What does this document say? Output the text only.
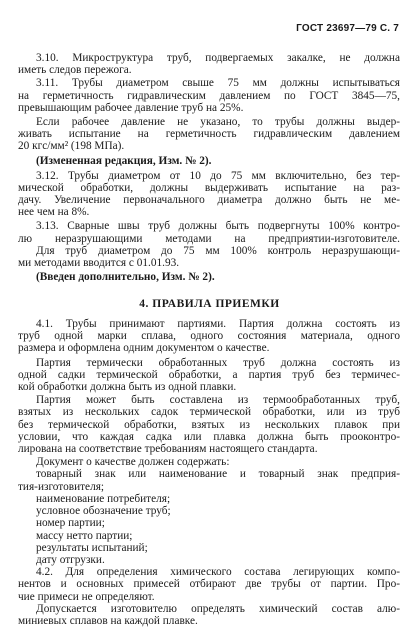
ГОСТ 23697—79 С. 7
3.10. Микроструктура труб, подвергаемых закалке, не должна
иметь следов пережога.
3.11. Трубы диаметром свыше 75 мм должны испытываться
на герметичность гидравлическим давлением по ГОСТ 3845—75,
превышающим рабочее давление труб на 25%.
Если рабочее давление не указано, то трубы должны выдер-
живать испытание на герметичность гидравлическим давлением
20 кгс/мм² (198 МПа).
(Измененная редакция, Изм. № 2).
3.12. Трубы диаметром от 10 до 75 мм включительно, без тер-
мической обработки, должны выдерживать испытание на раз-
дачу. Увеличение первоначального диаметра должно быть не ме-
нее чем на 8%.
3.13. Сварные швы труб должны быть подвергнуты 100% контро-
лю неразрушающими методами на предприятии-изготовителе.
Для труб диаметром до 75 мм 100% контроль неразрушающи-
ми методами вводится с 01.01.93.
(Введен дополнительно, Изм. № 2).
4. ПРАВИЛА ПРИЕМКИ
4.1. Трубы принимают партиями. Партия должна состоять из
труб одной марки сплава, одного состояния материала, одного
размера и оформлена одним документом о качестве.
Партия термически обработанных труб должна состоять из
одной садки термической обработки, а партия труб без термичес-
кой обработки должна быть из одной плавки.
Партия может быть составлена из термообработанных труб,
взятых из нескольких садок термической обработки, или из труб
без термической обработки, взятых из нескольких плавок при
условии, что каждая садка или плавка должна быть прооконтро-
лирована на соответствие требованиям настоящего стандарта.
Документ о качестве должен содержать:
товарный знак или наименование и товарный знак предприя-
тия-изготовителя;
наименование потребителя;
условное обозначение труб;
номер партии;
массу нетто партии;
результаты испытаний;
дату отгрузки.
4.2. Для определения химического состава легирующих компо-
нентов и основных примесей отбирают две трубы от партии. Про-
чие примеси не определяют.
Допускается изготовителю определять химический состав алю-
миниевых сплавов на каждой плавке.
